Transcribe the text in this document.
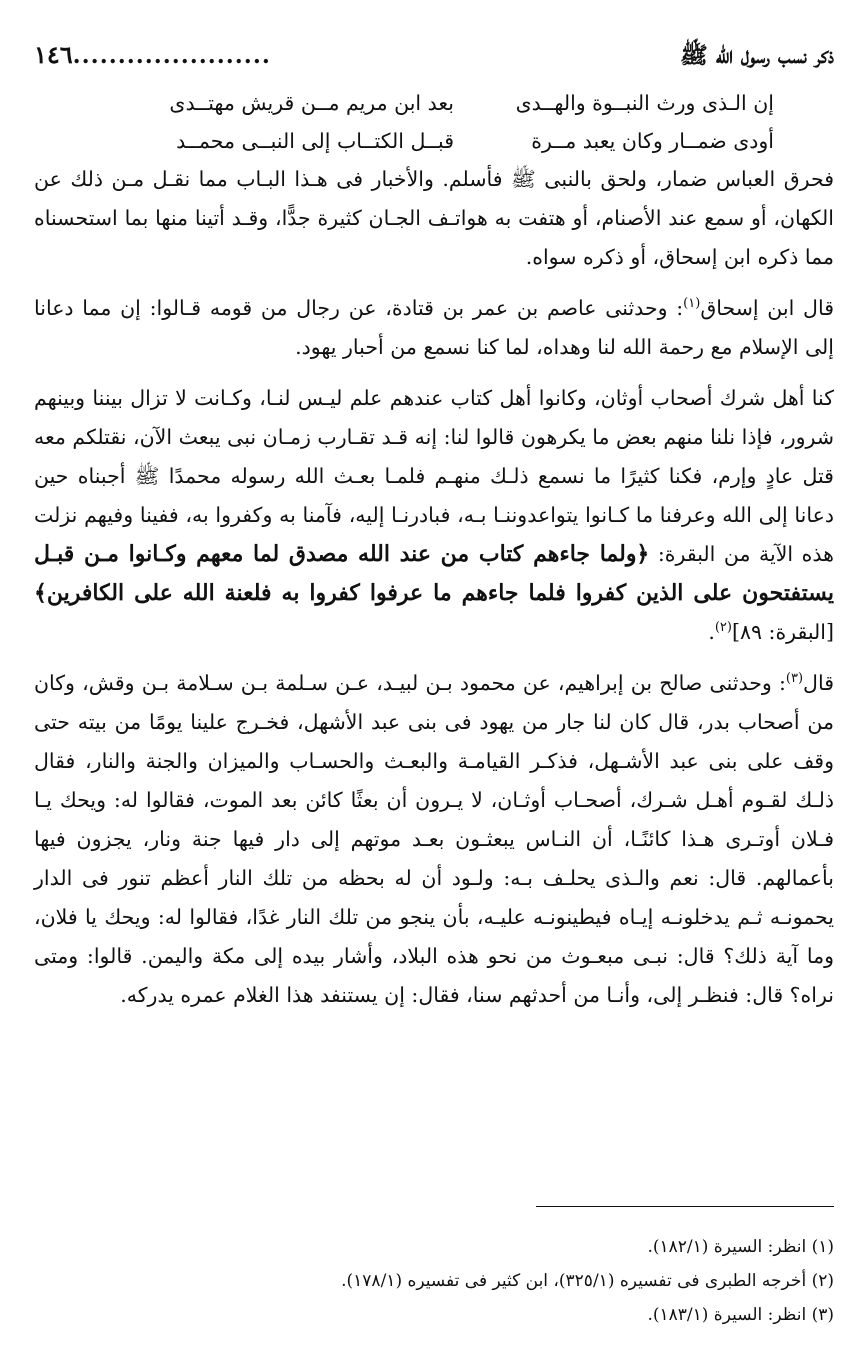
ذكر نسب رسول الله ﷺ
......................
١٤٦
إن الـذى ورث النبــوة والهــدى
بعد ابن مريم مــن قريش مهتــدى
أودى ضمــار وكان يعبد مــرة
قبــل الكتــاب إلى النبــى محمــد

فحرق العباس ضمار، ولحق بالنبى ﷺ فأسلم. والأخبار فى هـذا البـاب مما نقـل مـن ذلك عن الكهان، أو سمع عند الأصنام، أو هتفت به هواتـف الجـان كثيرة جدًّا، وقـد أتينا منها بما استحسناه مما ذكره ابن إسحاق، أو ذكره سواه.

قال ابن إسحاق$^{(١)}$: وحدثنى عاصم بن عمر بن قتادة، عن رجال من قومه قـالوا: إن مما دعانا إلى الإسلام مع رحمة الله لنا وهداه، لما كنا نسمع من أحبار يهود.

كنا أهل شرك أصحاب أوثان، وكانوا أهل كتاب عندهم علم ليـس لنـا، وكـانت لا تزال بيننا وبينهم شرور، فإذا نلنا منهم بعض ما يكرهون قالوا لنا: إنه قـد تقـارب زمـان نبى يبعث الآن، نقتلكم معه قتل عادٍ وإرم، فكنا كثيرًا ما نسمع ذلـك منهـم فلمـا بعـث الله رسوله محمدًا ﷺ أجبناه حين دعانا إلى الله وعرفنا ما كـانوا يتواعدوننـا بـه، فبادرنـا إليه، فآمنا به وكفروا به، ففينا وفيهم نزلت هذه الآية من البقرة: ﴿ولما جاءهم كتاب من عند الله مصدق لما معهم وكـانوا مـن قبـل يستفتحون على الذين كفروا فلما جاءهم ما عرفوا كفروا به فلعنة الله على الكافرين﴾ [البقرة: ٨٩]$^{(٢)}$.

قال$^{(٣)}$: وحدثنى صالح بن إبراهيم، عن محمود بـن لبيـد، عـن سـلمة بـن سـلامة بـن وقش، وكان من أصحاب بدر، قال كان لنا جار من يهود فى بنى عبد الأشهل، فخـرج علينا يومًا من بيته حتى وقف على بنى عبد الأشـهل، فذكـر القيامـة والبعـث والحسـاب والميزان والجنة والنار، فقال ذلـك لقـوم أهـل شـرك، أصحـاب أوثـان، لا يـرون أن بعثًا كائن بعد الموت، فقالوا له: ويحك يـا فـلان أوتـرى هـذا كائنًـا، أن النـاس يبعثـون بعـد موتهم إلى دار فيها جنة ونار، يجزون فيها بأعمالهم. قال: نعم والـذى يحلـف بـه: ولـود أن له بحظه من تلك النار أعظم تنور فى الدار يحمونـه ثـم يدخلونـه إيـاه فيطينونـه عليـه، بأن ينجو من تلك النار غدًا، فقالوا له: ويحك يا فلان، وما آية ذلك؟ قال: نبـى مبعـوث من نحو هذه البلاد، وأشار بيده إلى مكة واليمن. قالوا: ومتى نراه؟ قال: فنظـر إلى، وأنـا من أحدثهم سنا، فقال: إن يستنفد هذا الغلام عمره يدركه.

(١) انظر: السيرة (١٨٢/١).
(٢) أخرجه الطبرى فى تفسيره (٣٢٥/١)، ابن كثير فى تفسيره (١٧٨/١).
(٣) انظر: السيرة (١٨٣/١).
